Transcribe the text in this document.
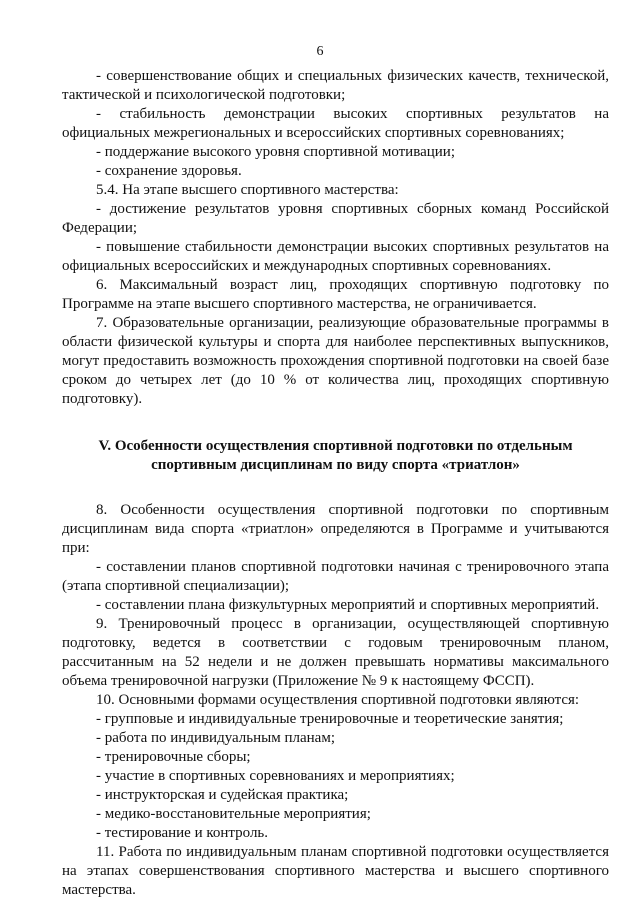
6

- совершенствование общих и специальных физических качеств, технической, тактической и психологической подготовки;

- стабильность демонстрации высоких спортивных результатов на официальных межрегиональных и всероссийских спортивных соревнованиях;

- поддержание высокого уровня спортивной мотивации;

- сохранение здоровья.

5.4. На этапе высшего спортивного мастерства:

- достижение результатов уровня спортивных сборных команд Российской Федерации;

- повышение стабильности демонстрации высоких спортивных результатов на официальных всероссийских и международных спортивных соревнованиях.

6. Максимальный возраст лиц, проходящих спортивную подготовку по Программе на этапе высшего спортивного мастерства, не ограничивается.

7. Образовательные организации, реализующие образовательные программы в области физической культуры и спорта для наиболее перспективных выпускников, могут предоставить возможность прохождения спортивной подготовки на своей базе сроком до четырех лет (до 10 % от количества лиц, проходящих спортивную подготовку).

V. Особенности осуществления спортивной подготовки по отдельным
спортивным дисциплинам по виду спорта «триатлон»

8. Особенности осуществления спортивной подготовки по спортивным дисциплинам вида спорта «триатлон» определяются в Программе и учитываются при:

- составлении планов спортивной подготовки начиная с тренировочного этапа (этапа спортивной специализации);

- составлении плана физкультурных мероприятий и спортивных мероприятий.

9. Тренировочный процесс в организации, осуществляющей спортивную подготовку, ведется в соответствии с годовым тренировочным планом, рассчитанным на 52 недели и не должен превышать нормативы максимального объема тренировочной нагрузки (Приложение № 9 к настоящему ФССП).

10. Основными формами осуществления спортивной подготовки являются:

- групповые и индивидуальные тренировочные и теоретические занятия;

- работа по индивидуальным планам;

- тренировочные сборы;

- участие в спортивных соревнованиях и мероприятиях;

- инструкторская и судейская практика;

- медико-восстановительные мероприятия;

- тестирование и контроль.

11. Работа по индивидуальным планам спортивной подготовки осуществляется на этапах совершенствования спортивного мастерства и высшего спортивного мастерства.
